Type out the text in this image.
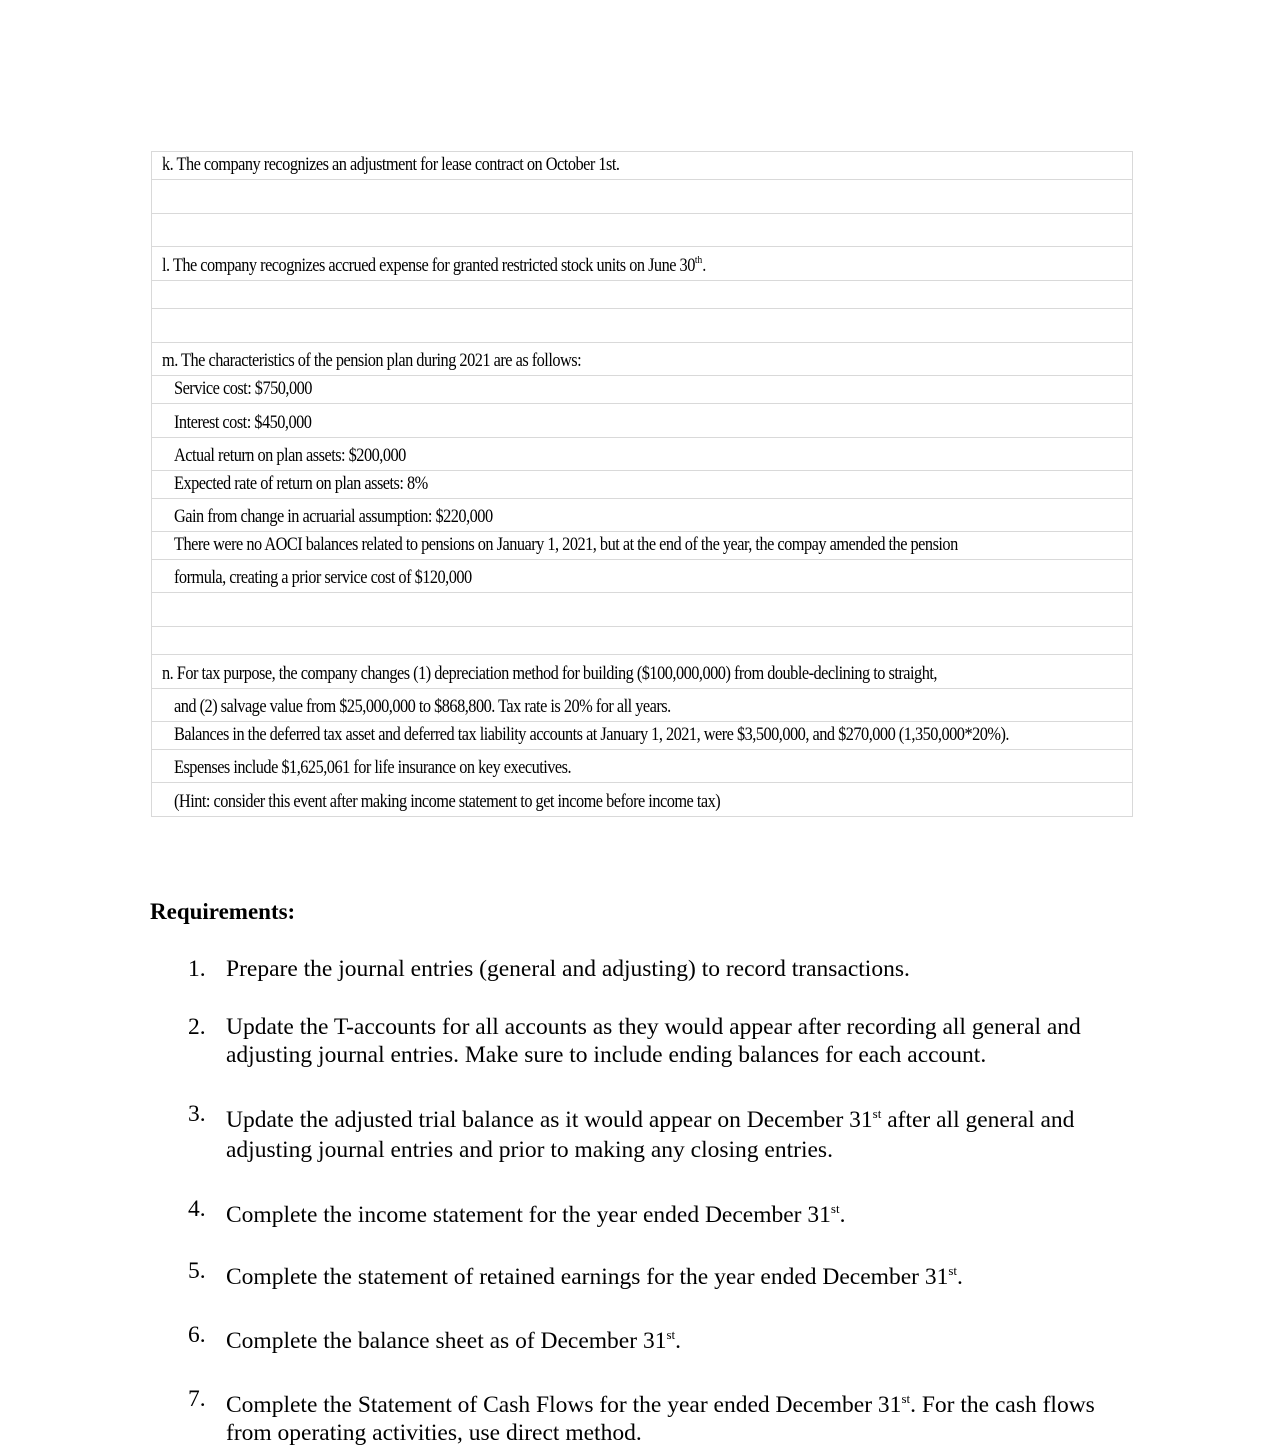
k. The company recognizes an adjustment for lease contract on October 1st.
l. The company recognizes accrued expense for granted restricted stock units on June 30th.
m. The characteristics of the pension plan during 2021 are as follows:
Service cost: $750,000
Interest cost: $450,000
Actual return on plan assets: $200,000
Expected rate of return on plan assets: 8%
Gain from change in acruarial assumption: $220,000
There were no AOCI balances related to pensions on January 1, 2021, but at the end of the year, the compay amended the pension
formula, creating a prior service cost of $120,000
n. For tax purpose, the company changes (1) depreciation method for building ($100,000,000) from double-declining to straight,
and (2) salvage value from $25,000,000 to $868,800. Tax rate is 20% for all years.
Balances in the deferred tax asset and deferred tax liability accounts at January 1, 2021, were $3,500,000, and $270,000 (1,350,000*20%).
Espenses include $1,625,061 for life insurance on key executives.
(Hint: consider this event after making income statement to get income before income tax)
Requirements:
1. Prepare the journal entries (general and adjusting) to record transactions.
2. Update the T-accounts for all accounts as they would appear after recording all general and adjusting journal entries. Make sure to include ending balances for each account.
3. Update the adjusted trial balance as it would appear on December 31st after all general and adjusting journal entries and prior to making any closing entries.
4. Complete the income statement for the year ended December 31st.
5. Complete the statement of retained earnings for the year ended December 31st.
6. Complete the balance sheet as of December 31st.
7. Complete the Statement of Cash Flows for the year ended December 31st. For the cash flows from operating activities, use direct method.
